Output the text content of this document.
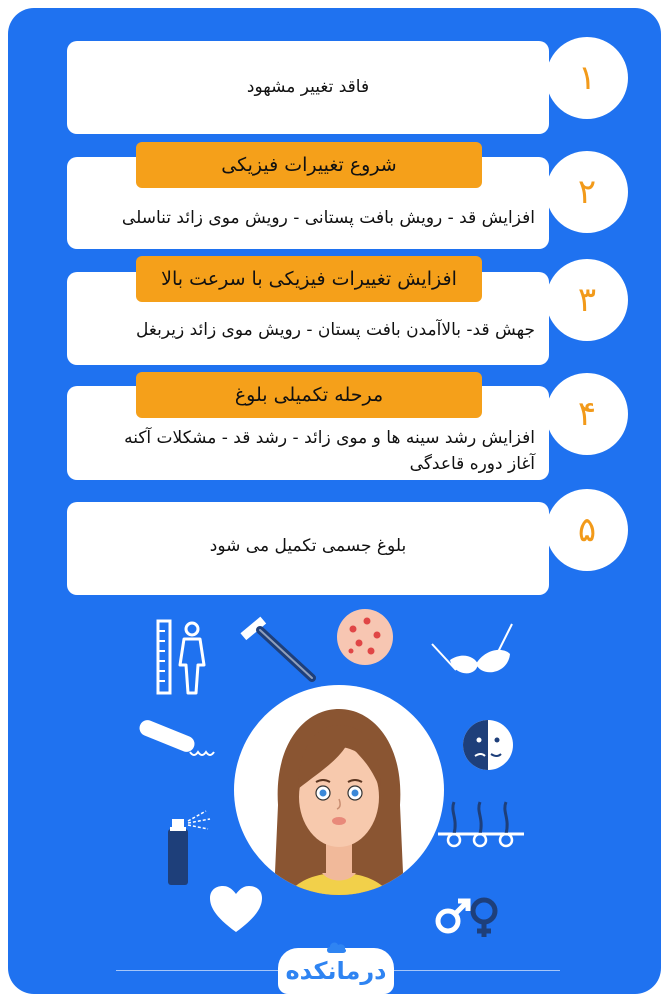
فاقد تغییر مشهود	۱
افزایش قد - رویش بافت پستانی - رویش موی زائد تناسلی
شروع تغییرات فیزیکی
۲
جهش قد- بالاآمدن بافت پستان - رویش موی زائد زیربغل
افزایش تغییرات فیزیکی با سرعت بالا
۳
افزایش رشد سینه ها و موی زائد - رشد قد - مشکلات آکنه
آغاز دوره قاعدگی
مرحله تکمیلی بلوغ	۴
بلوغ جسمی تکمیل می شود	۵
درمانکده
